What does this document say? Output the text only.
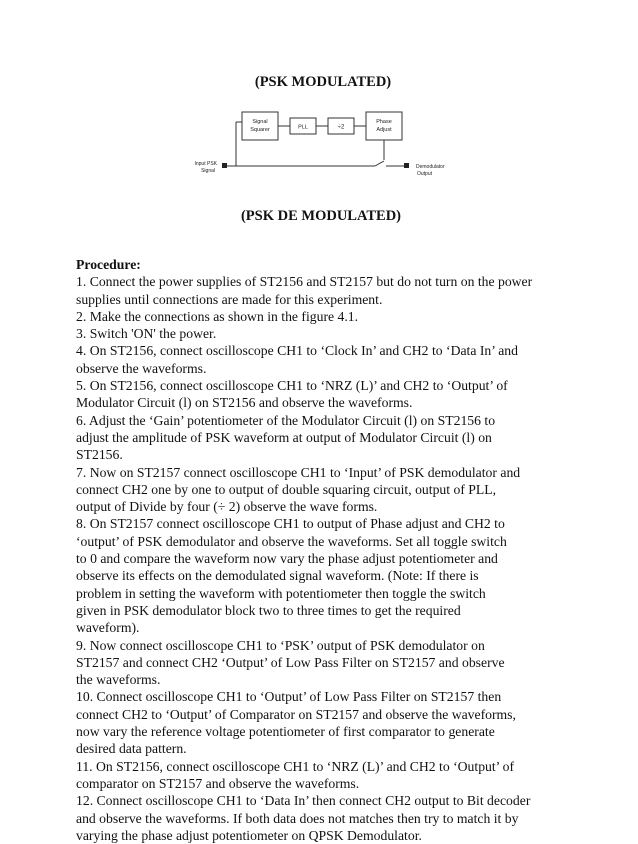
(PSK MODULATED)
Signal
Squarer	PLL	÷2
Phase
Adjust
Input PSK
Signal
Demodulator
Output
(PSK DE MODULATED)
Procedure:
1. Connect the power supplies of ST2156 and ST2157 but do not turn on the power
supplies until connections are made for this experiment.
2. Make the connections as shown in the figure 4.1.
3. Switch 'ON' the power.
4. On ST2156, connect oscilloscope CH1 to ‘Clock In’ and CH2 to ‘Data In’ and
observe the waveforms.
5. On ST2156, connect oscilloscope CH1 to ‘NRZ (L)’ and CH2 to ‘Output’ of
Modulator Circuit (l) on ST2156 and observe the waveforms.
6. Adjust the ‘Gain’ potentiometer of the Modulator Circuit (l) on ST2156 to
adjust the amplitude of PSK waveform at output of Modulator Circuit (l) on
ST2156.
7. Now on ST2157 connect oscilloscope CH1 to ‘Input’ of PSK demodulator and
connect CH2 one by one to output of double squaring circuit, output of PLL,
output of Divide by four (÷ 2) observe the wave forms.
8. On ST2157 connect oscilloscope CH1 to output of Phase adjust and CH2 to
‘output’ of PSK demodulator and observe the waveforms. Set all toggle switch
to 0 and compare the waveform now vary the phase adjust potentiometer and
observe its effects on the demodulated signal waveform. (Note: If there is
problem in setting the waveform with potentiometer then toggle the switch
given in PSK demodulator block two to three times to get the required
waveform).
9. Now connect oscilloscope CH1 to ‘PSK’ output of PSK demodulator on
ST2157 and connect CH2 ‘Output’ of Low Pass Filter on ST2157 and observe
the waveforms.
10. Connect oscilloscope CH1 to ‘Output’ of Low Pass Filter on ST2157 then
connect CH2 to ‘Output’ of Comparator on ST2157 and observe the waveforms,
now vary the reference voltage potentiometer of first comparator to generate
desired data pattern.
11. On ST2156, connect oscilloscope CH1 to ‘NRZ (L)’ and CH2 to ‘Output’ of
comparator on ST2157 and observe the waveforms.
12. Connect oscilloscope CH1 to ‘Data In’ then connect CH2 output to Bit decoder
and observe the waveforms. If both data does not matches then try to match it by
varying the phase adjust potentiometer on QPSK Demodulator.
